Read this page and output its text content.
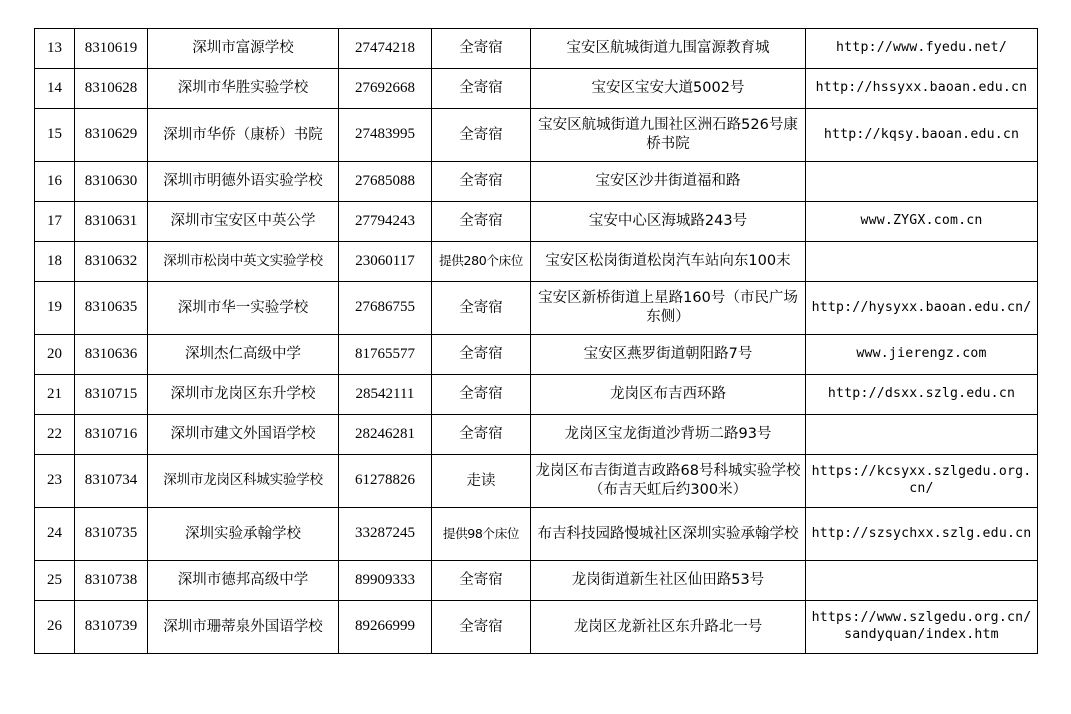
13	8310619	深圳市富源学校	27474218	全寄宿	宝安区航城街道九围富源教育城	http://www.fyedu.net/
14	8310628	深圳市华胜实验学校	27692668	全寄宿	宝安区宝安大道5002号	http://hssyxx.baoan.edu.cn
15	8310629	深圳市华侨（康桥）书院	27483995	全寄宿	宝安区航城街道九围社区洲石路526号康桥书院	http://kqsy.baoan.edu.cn
16	8310630	深圳市明德外语实验学校	27685088	全寄宿	宝安区沙井街道福和路	
17	8310631	深圳市宝安区中英公学	27794243	全寄宿	宝安中心区海城路243号	www.ZYGX.com.cn
18	8310632	深圳市松岗中英文实验学校	23060117	提供280个床位	宝安区松岗街道松岗汽车站向东100末	
19	8310635	深圳市华一实验学校	27686755	全寄宿	宝安区新桥街道上星路160号（市民广场东侧）	http://hysyxx.baoan.edu.cn/
20	8310636	深圳杰仁高级中学	81765577	全寄宿	宝安区燕罗街道朝阳路7号	www.jierengz.com
21	8310715	深圳市龙岗区东升学校	28542111	全寄宿	龙岗区布吉西环路	http://dsxx.szlg.edu.cn
22	8310716	深圳市建文外国语学校	28246281	全寄宿	龙岗区宝龙街道沙背坜二路93号	
23	8310734	深圳市龙岗区科城实验学校	61278826	走读	龙岗区布吉街道吉政路68号科城实验学校（布吉天虹后约300米）	https://kcsyxx.szlgedu.org.cn/
24	8310735	深圳实验承翰学校	33287245	提供98个床位	布吉科技园路慢城社区深圳实验承翰学校	http://szsychxx.szlg.edu.cn
25	8310738	深圳市德邦高级中学	89909333	全寄宿	龙岗街道新生社区仙田路53号	
26	8310739	深圳市珊蒂泉外国语学校	89266999	全寄宿	龙岗区龙新社区东升路北一号	https://www.szlgedu.org.cn/sandyquan/index.htm
